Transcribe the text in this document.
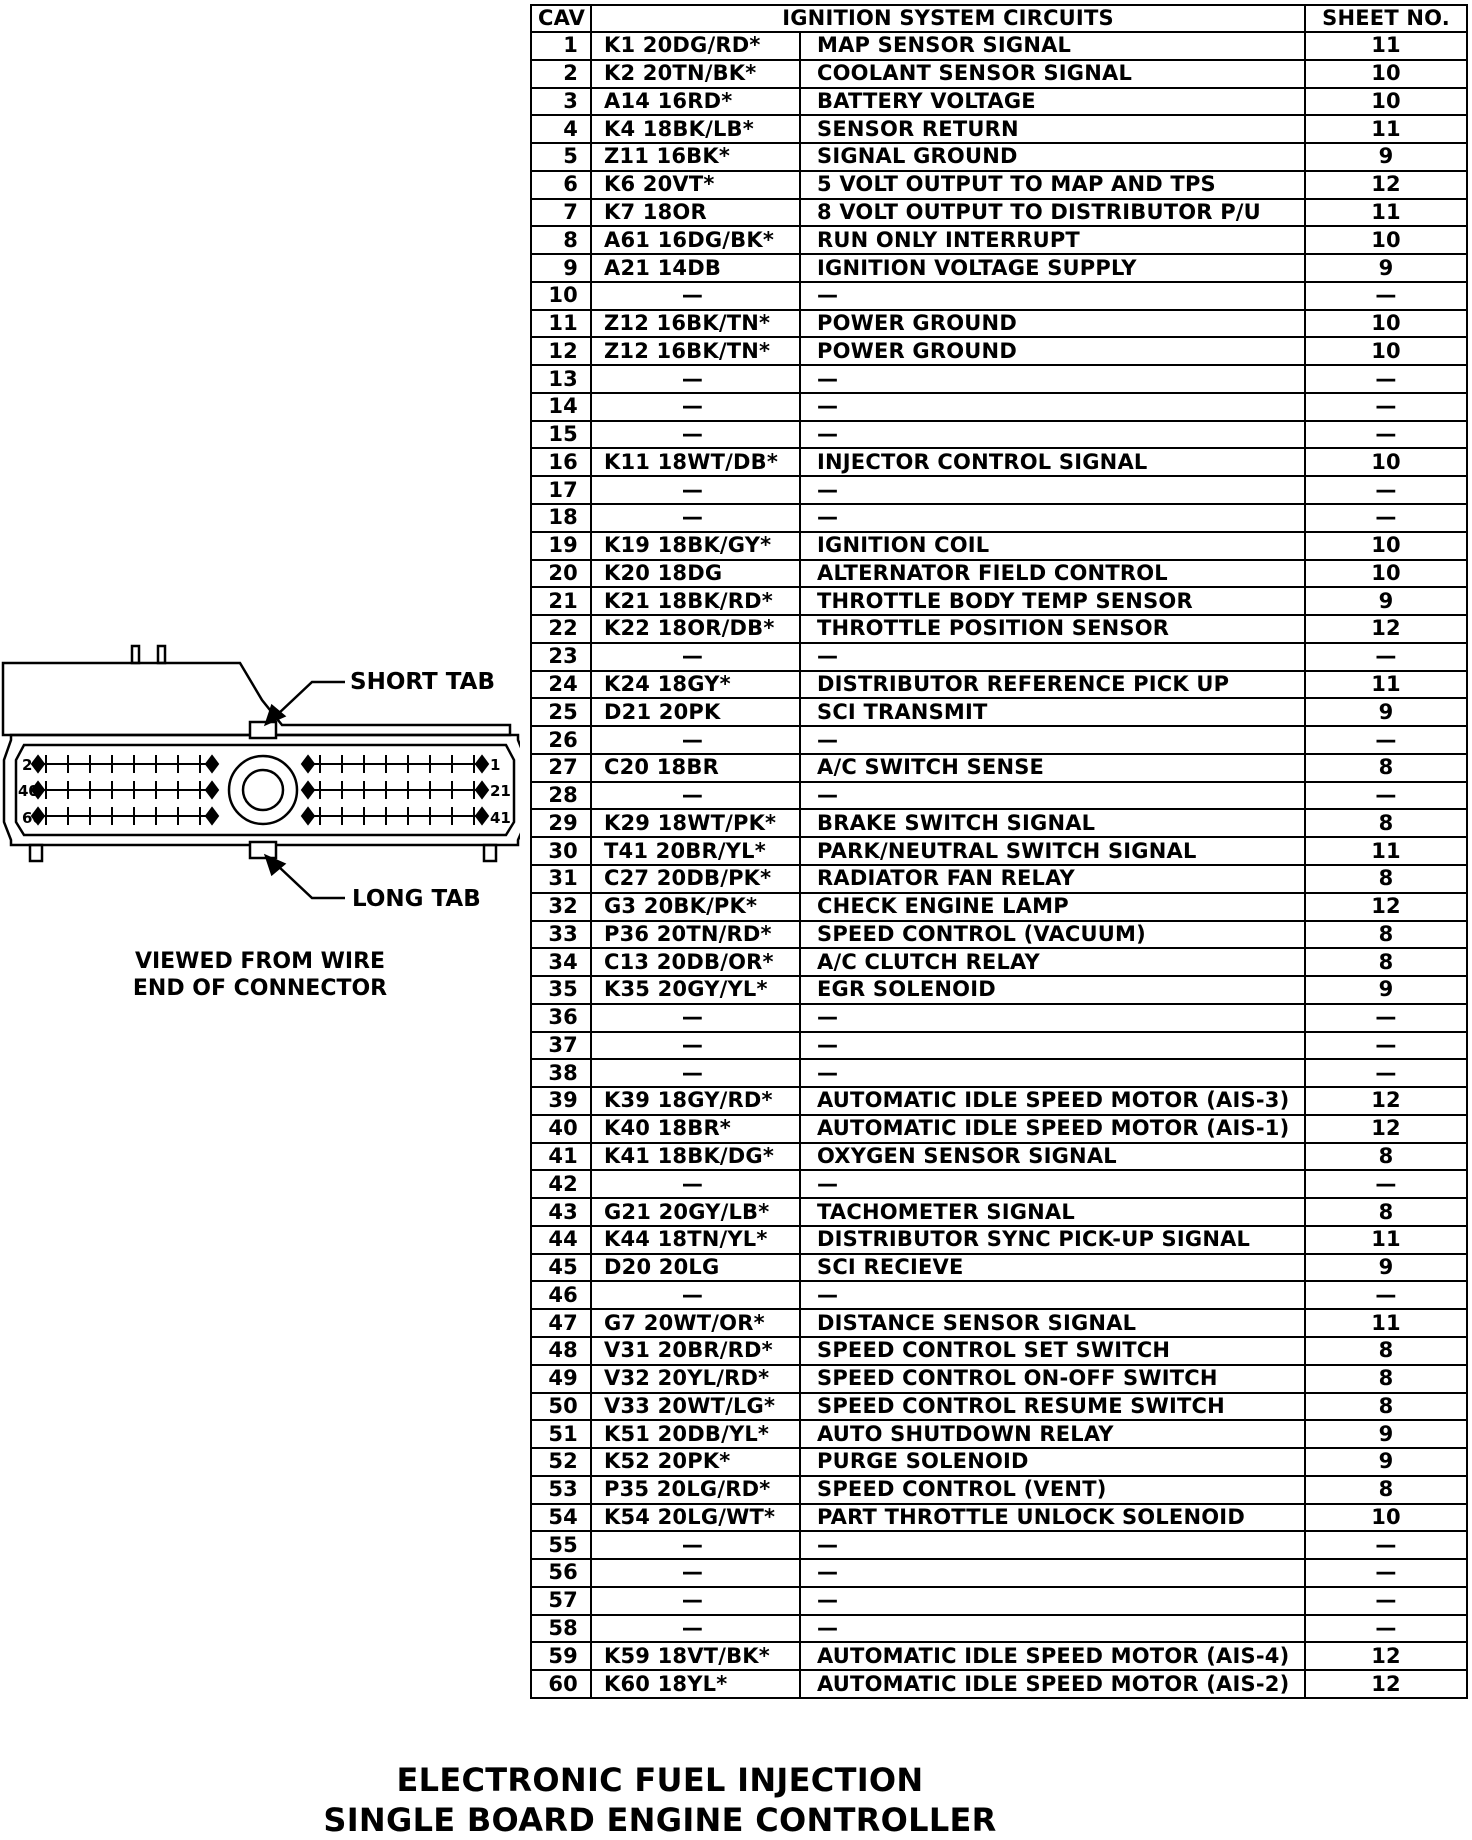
CAV	IGNITION SYSTEM CIRCUITS		SHEET NO.
1	K1 20DG/RD*	MAP SENSOR SIGNAL	11
2	K2 20TN/BK*	COOLANT SENSOR SIGNAL	10
3	A14 16RD*	BATTERY VOLTAGE	10
4	K4 18BK/LB*	SENSOR RETURN	11
5	Z11 16BK*	SIGNAL GROUND	9
6	K6 20VT*	5 VOLT OUTPUT TO MAP AND TPS	12
7	K7 18OR	8 VOLT OUTPUT TO DISTRIBUTOR P/U	11
8	A61 16DG/BK*	RUN ONLY INTERRUPT	10
9	A21 14DB	IGNITION VOLTAGE SUPPLY	9
10	—	—	—
11	Z12 16BK/TN*	POWER GROUND	10
12	Z12 16BK/TN*	POWER GROUND	10
13	—	—	—
14	—	—	—
15	—	—	—
16	K11 18WT/DB*	INJECTOR CONTROL SIGNAL	10
17	—	—	—
18	—	—	—
19	K19 18BK/GY*	IGNITION COIL	10
20	K20 18DG	ALTERNATOR FIELD CONTROL	10
21	K21 18BK/RD*	THROTTLE BODY TEMP SENSOR	9
22	K22 18OR/DB*	THROTTLE POSITION SENSOR	12
23	—	—	—
24	K24 18GY*	DISTRIBUTOR REFERENCE PICK UP	11
25	D21 20PK	SCI TRANSMIT	9
26	—	—	—
27	C20 18BR	A/C SWITCH SENSE	8
28	—	—	—
29	K29 18WT/PK*	BRAKE SWITCH SIGNAL	8
30	T41 20BR/YL*	PARK/NEUTRAL SWITCH SIGNAL	11
31	C27 20DB/PK*	RADIATOR FAN RELAY	8
32	G3 20BK/PK*	CHECK ENGINE LAMP	12
33	P36 20TN/RD*	SPEED CONTROL (VACUUM)	8
34	C13 20DB/OR*	A/C CLUTCH RELAY	8
35	K35 20GY/YL*	EGR SOLENOID	9
36	—	—	—
37	—	—	—
38	—	—	—
39	K39 18GY/RD*	AUTOMATIC IDLE SPEED MOTOR (AIS-3)	12
40	K40 18BR*	AUTOMATIC IDLE SPEED MOTOR (AIS-1)	12
41	K41 18BK/DG*	OXYGEN SENSOR SIGNAL	8
42	—	—	—
43	G21 20GY/LB*	TACHOMETER SIGNAL	8
44	K44 18TN/YL*	DISTRIBUTOR SYNC PICK-UP SIGNAL	11
45	D20 20LG	SCI RECIEVE	9
46	—	—	—
47	G7 20WT/OR*	DISTANCE SENSOR SIGNAL	11
48	V31 20BR/RD*	SPEED CONTROL SET SWITCH	8
49	V32 20YL/RD*	SPEED CONTROL ON-OFF SWITCH	8
50	V33 20WT/LG*	SPEED CONTROL RESUME SWITCH	8
51	K51 20DB/YL*	AUTO SHUTDOWN RELAY	9
52	K52 20PK*	PURGE SOLENOID	9
53	P35 20LG/RD*	SPEED CONTROL (VENT)	8
54	K54 20LG/WT*	PART THROTTLE UNLOCK SOLENOID	10
55	—	—	—
56	—	—	—
57	—	—	—
58	—	—	—
59	K59 18VT/BK*	AUTOMATIC IDLE SPEED MOTOR (AIS-4)	12
60	K60 18YL*	AUTOMATIC IDLE SPEED MOTOR (AIS-2)	12
20
40
60
1
21
41
SHORT TAB
LONG TAB
VIEWED FROM WIRE
END OF CONNECTOR
ELECTRONIC FUEL INJECTION
SINGLE BOARD ENGINE CONTROLLER
